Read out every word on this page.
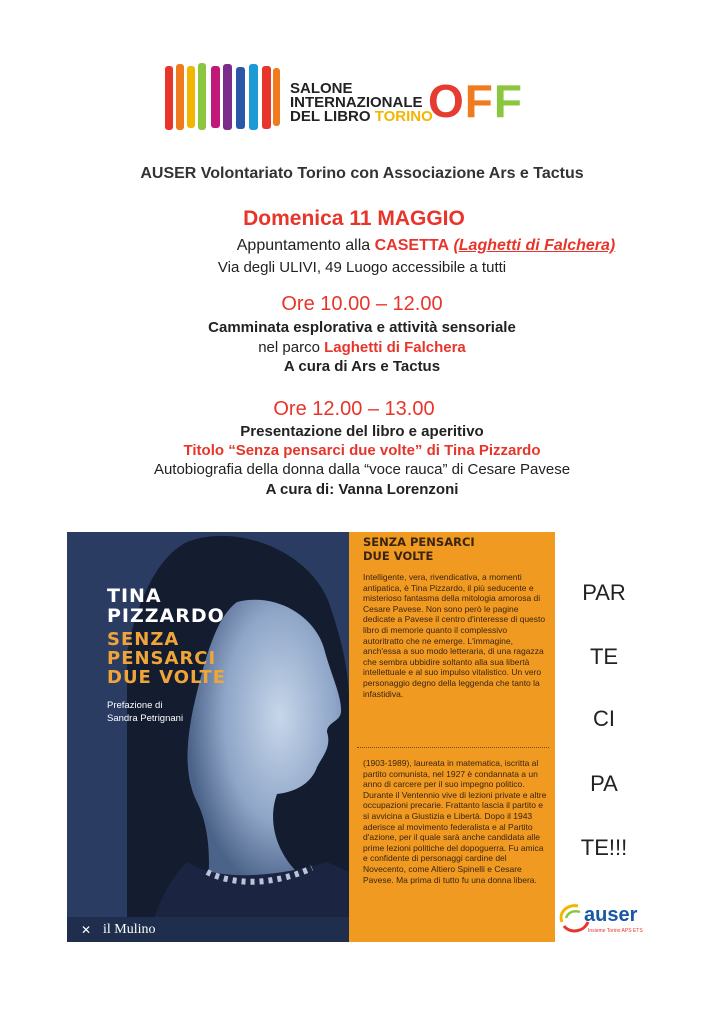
SALONE
INTERNAZIONALE
DEL LIBRO TORINO
OFF
AUSER Volontariato Torino con Associazione Ars e Tactus
Domenica 11 MAGGIO
Appuntamento alla CASETTA (Laghetti di Falchera)
Via degli ULIVI, 49 Luogo accessibile a tutti
Ore 10.00 – 12.00
Camminata esplorativa e attività sensoriale
nel parco Laghetti di Falchera
A cura di Ars e Tactus
Ore 12.00 – 13.00
Presentazione del libro e aperitivo
Titolo “Senza pensarci due volte” di Tina Pizzardo
Autobiografia della donna dalla “voce rauca” di Cesare Pavese
A cura di: Vanna Lorenzoni
TINA
PIZZARDO
SENZA
PENSARCI
DUE VOLTE
Prefazione di
Sandra Petrignani
✕ il Mulino
SENZA PENSARCI
DUE VOLTE
Intelligente, vera, rivendicativa, a momenti antipatica, è Tina Pizzardo, il più seducente e misterioso fantasma della mitologia amorosa di Cesare Pavese. Non sono però le pagine dedicate a Pavese il centro d'interesse di questo libro di memorie quanto il complessivo autoritratto che ne emerge. L'immagine, anch'essa a suo modo letteraria, di una ragazza che sembra ubbidire soltanto alla sua libertà intellettuale e al suo impulso vitalistico. Un vero personaggio degno della leggenda che tanto la infastidiva.
(1903-1989), laureata in matematica, iscritta al partito comunista, nel 1927 è condannata a un anno di carcere per il suo impegno politico. Durante il Ventennio vive di lezioni private e altre occupazioni precarie. Frattanto lascia il partito e si avvicina a Giustizia e Libertà. Dopo il 1943 aderisce al movimento federalista e al Partito d'azione, per il quale sarà anche candidata alle prime lezioni politiche del dopoguerra. Fu amica e confidente di personaggi cardine del Novecento, come Altiero Spinelli e Cesare Pavese. Ma prima di tutto fu una donna libera.
PAR
TE
CI
PA
TE!!!
auser
Insieme Torino APS ETS
